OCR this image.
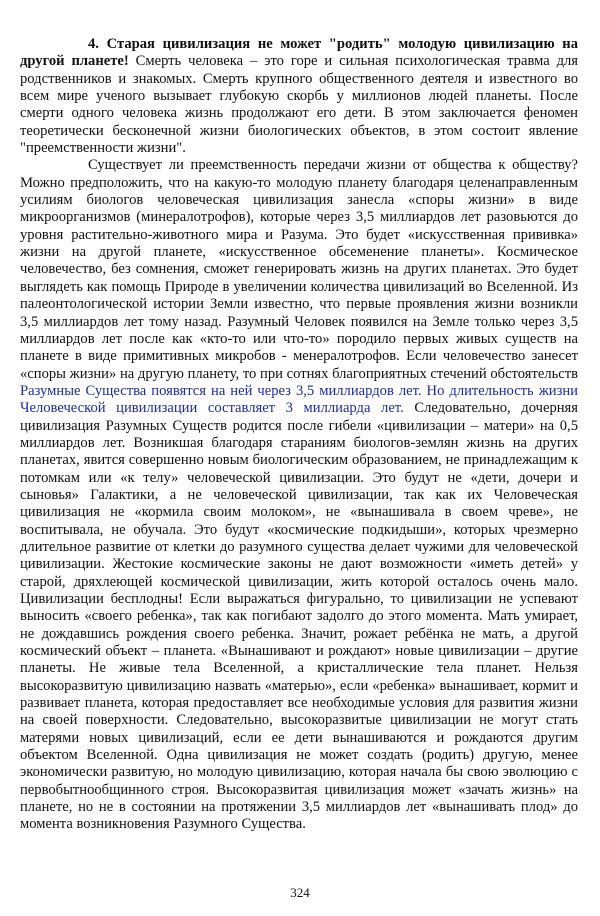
4. Старая цивилизация не может "родить" молодую цивилизацию на другой планете! Смерть человека – это горе и сильная психологическая травма для родственников и знакомых. Смерть крупного общественного деятеля и известного во всем мире ученого вызывает глубокую скорбь у миллионов людей планеты. После смерти одного человека жизнь продолжают его дети. В этом заключается феномен теоретически бесконечной жизни биологических объектов, в этом состоит явление "преемственности жизни".

Существует ли преемственность передачи жизни от общества к обществу? Можно предположить, что на какую-то молодую планету благодаря целенаправленным усилиям биологов человеческая цивилизация занесла «споры жизни» в виде микроорганизмов (минералотрофов), которые через 3,5 миллиардов лет разовьются до уровня растительно-животного мира и Разума. Это будет «искусственная прививка» жизни на другой планете, «искусственное обсеменение планеты». Космическое человечество, без сомнения, сможет генерировать жизнь на других планетах. Это будет выглядеть как помощь Природе в увеличении количества цивилизаций во Вселенной. Из палеонтологической истории Земли известно, что первые проявления жизни возникли 3,5 миллиардов лет тому назад. Разумный Человек появился на Земле только через 3,5 миллиардов лет после как «кто-то или что-то» породило первых живых существ на планете в виде примитивных микробов - менералотрофов. Если человечество занесет «споры жизни» на другую планету, то при сотнях благоприятных стечений обстоятельств Разумные Существа появятся на ней через 3,5 миллиардов лет. Но длительность жизни Человеческой цивилизации составляет 3 миллиарда лет. Следовательно, дочерняя цивилизация Разумных Существ родится после гибели «цивилизации – матери» на 0,5 миллиардов лет. Возникшая благодаря стараниям биологов-землян жизнь на других планетах, явится совершенно новым биологическим образованием, не принадлежащим к потомкам или «к телу» человеческой цивилизации. Это будут не «дети, дочери и сыновья» Галактики, а не человеческой цивилизации, так как их Человеческая цивилизация не «кормила своим молоком», не «вынашивала в своем чреве», не воспитывала, не обучала. Это будут «космические подкидыши», которых чрезмерно длительное развитие от клетки до разумного существа делает чужими для человеческой цивилизации. Жестокие космические законы не дают возможности «иметь детей» у старой, дряхлеющей космической цивилизации, жить которой осталось очень мало. Цивилизации бесплодны! Если выражаться фигурально, то цивилизации не успевают выносить «своего ребенка», так как погибают задолго до этого момента. Мать умирает, не дождавшись рождения своего ребенка. Значит, рожает ребёнка не мать, а другой космический объект – планета. «Вынашивают и рождают» новые цивилизации – другие планеты. Не живые тела Вселенной, а кристаллические тела планет. Нельзя высокоразвитую цивилизацию назвать «матерью», если «ребенка» вынашивает, кормит и развивает планета, которая предоставляет все необходимые условия для развития жизни на своей поверхности. Следовательно, высокоразвитые цивилизации не могут стать матерями новых цивилизаций, если ее дети вынашиваются и рождаются другим объектом Вселенной. Одна цивилизация не может создать (родить) другую, менее экономически развитую, но молодую цивилизацию, которая начала бы свою эволюцию с первобытнообщинного строя. Высокоразвитая цивилизация может «зачать жизнь» на планете, но не в состоянии на протяжении 3,5 миллиардов лет «вынашивать плод» до момента возникновения Разумного Существа.

324
